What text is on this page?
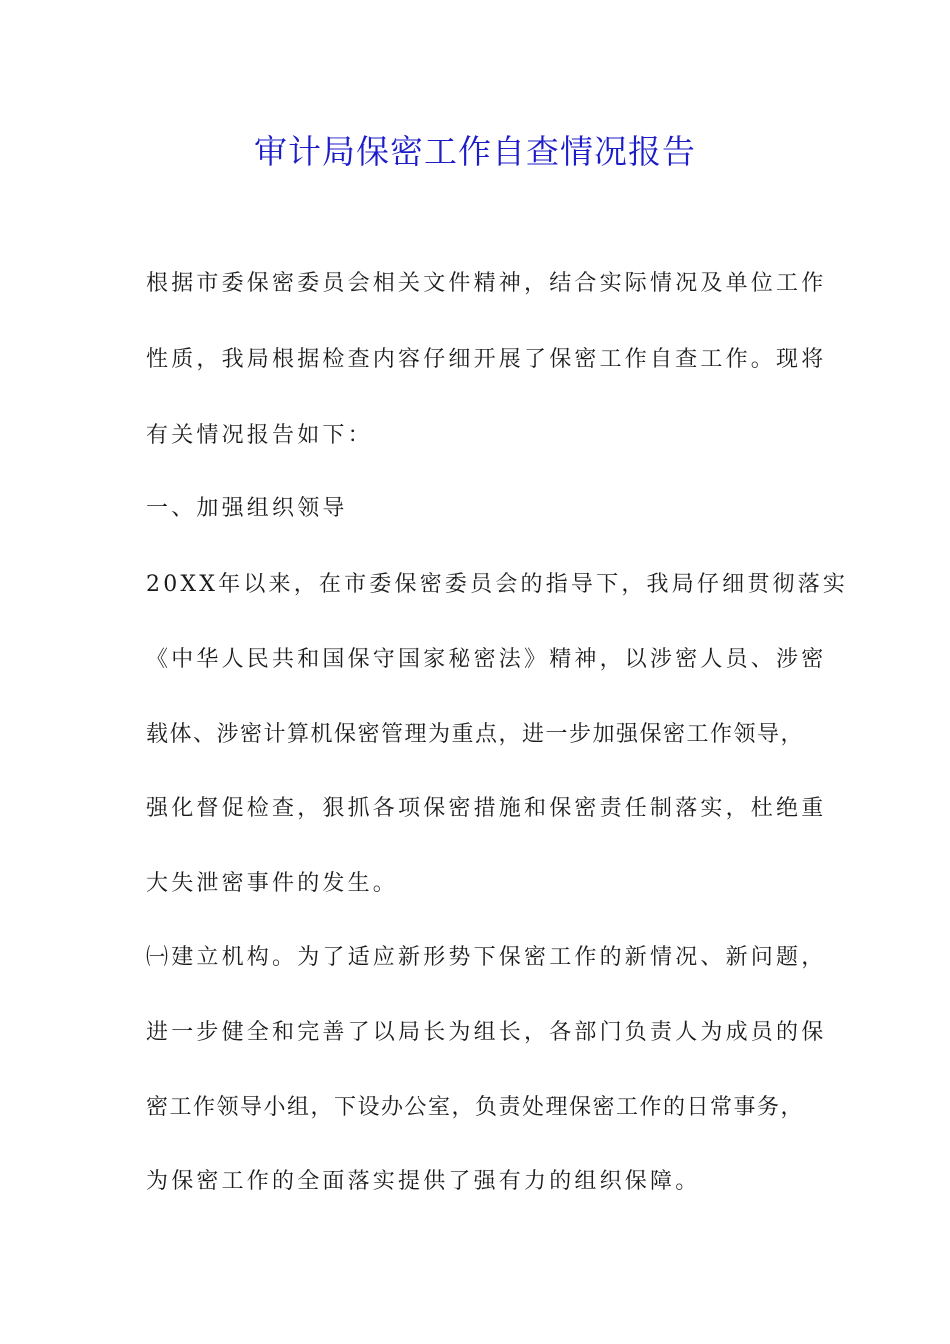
审计局保密工作自查情况报告
根据市委保密委员会相关文件精神，结合实际情况及单位工作
性质，我局根据检查内容仔细开展了保密工作自查工作。现将
有关情况报告如下：
一、加强组织领导
20XX年以来，在市委保密委员会的指导下，我局仔细贯彻落实
《中华人民共和国保守国家秘密法》精神，以涉密人员、涉密
载体、涉密计算机保密管理为重点，进一步加强保密工作领导，
强化督促检查，狠抓各项保密措施和保密责任制落实，杜绝重
大失泄密事件的发生。
㈠建立机构。为了适应新形势下保密工作的新情况、新问题，
进一步健全和完善了以局长为组长，各部门负责人为成员的保
密工作领导小组，下设办公室，负责处理保密工作的日常事务，
为保密工作的全面落实提供了强有力的组织保障。
